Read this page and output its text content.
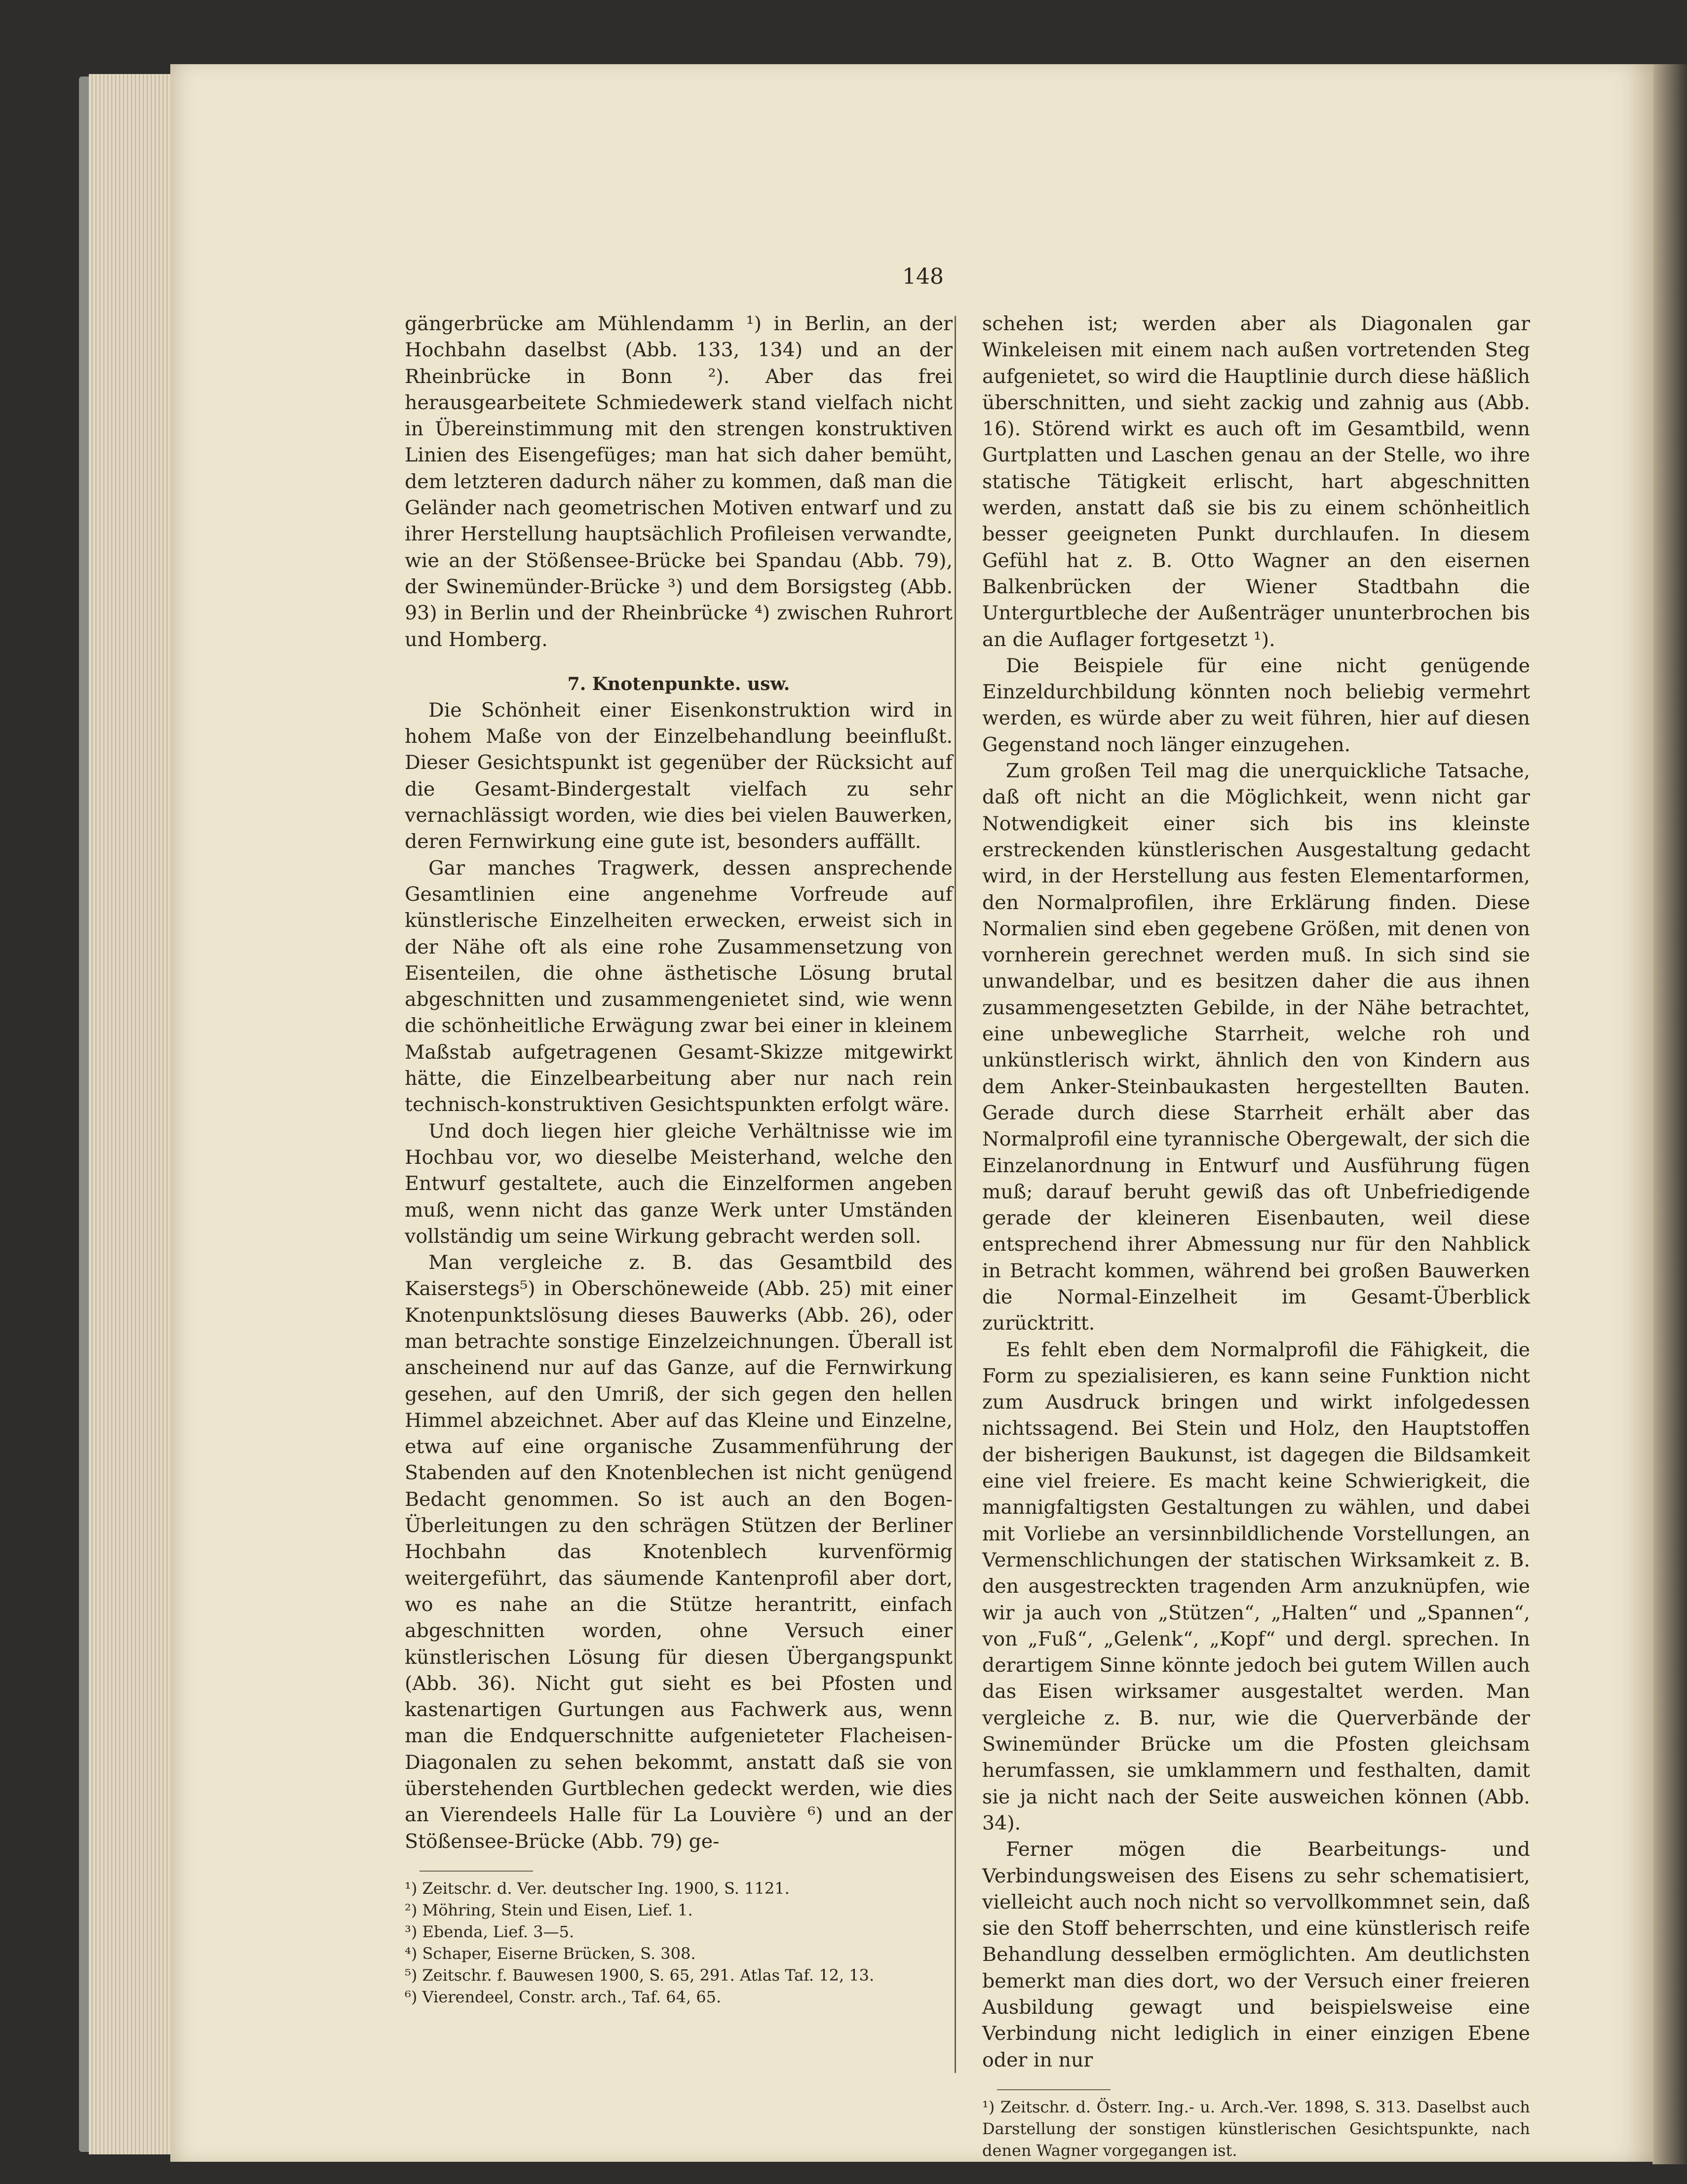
148

gängerbrücke am Mühlendamm ¹) in Berlin, an der Hochbahn daselbst (Abb. 133, 134) und an der Rheinbrücke in Bonn ²). Aber das frei herausgearbeitete Schmiedewerk stand vielfach nicht in Übereinstimmung mit den strengen konstruktiven Linien des Eisengefüges; man hat sich daher bemüht, dem letzteren dadurch näher zu kommen, daß man die Geländer nach geometrischen Motiven entwarf und zu ihrer Herstellung hauptsächlich Profileisen verwandte, wie an der Stößensee-Brücke bei Spandau (Abb. 79), der Swinemünder-Brücke ³) und dem Borsigsteg (Abb. 93) in Berlin und der Rheinbrücke ⁴) zwischen Ruhrort und Homberg.

7. Knotenpunkte. usw.

Die Schönheit einer Eisenkonstruktion wird in hohem Maße von der Einzelbehandlung beeinflußt. Dieser Gesichtspunkt ist gegenüber der Rücksicht auf die Gesamt-Bindergestalt vielfach zu sehr vernachlässigt worden, wie dies bei vielen Bauwerken, deren Fernwirkung eine gute ist, besonders auffällt.

Gar manches Tragwerk, dessen ansprechende Gesamtlinien eine angenehme Vorfreude auf künstlerische Einzelheiten erwecken, erweist sich in der Nähe oft als eine rohe Zusammensetzung von Eisenteilen, die ohne ästhetische Lösung brutal abgeschnitten und zusammengenietet sind, wie wenn die schönheitliche Erwägung zwar bei einer in kleinem Maßstab aufgetragenen Gesamt-Skizze mitgewirkt hätte, die Einzelbearbeitung aber nur nach rein technisch-konstruktiven Gesichtspunkten erfolgt wäre.

Und doch liegen hier gleiche Verhältnisse wie im Hochbau vor, wo dieselbe Meisterhand, welche den Entwurf gestaltete, auch die Einzelformen angeben muß, wenn nicht das ganze Werk unter Umständen vollständig um seine Wirkung gebracht werden soll.

Man vergleiche z. B. das Gesamtbild des Kaiserstegs⁵) in Oberschöneweide (Abb. 25) mit einer Knotenpunktslösung dieses Bauwerks (Abb. 26), oder man betrachte sonstige Einzelzeichnungen. Überall ist anscheinend nur auf das Ganze, auf die Fernwirkung gesehen, auf den Umriß, der sich gegen den hellen Himmel abzeichnet. Aber auf das Kleine und Einzelne, etwa auf eine organische Zusammenführung der Stabenden auf den Knotenblechen ist nicht genügend Bedacht genommen. So ist auch an den Bogen-Überleitungen zu den schrägen Stützen der Berliner Hochbahn das Knotenblech kurvenförmig weitergeführt, das säumende Kantenprofil aber dort, wo es nahe an die Stütze herantritt, einfach abgeschnitten worden, ohne Versuch einer künstlerischen Lösung für diesen Übergangspunkt (Abb. 36). Nicht gut sieht es bei Pfosten und kastenartigen Gurtungen aus Fachwerk aus, wenn man die Endquerschnitte aufgenieteter Flacheisen-Diagonalen zu sehen bekommt, anstatt daß sie von überstehenden Gurtblechen gedeckt werden, wie dies an Vierendeels Halle für La Louvière ⁶) und an der Stößensee-Brücke (Abb. 79) ge-

¹) Zeitschr. d. Ver. deutscher Ing. 1900, S. 1121.
²) Möhring, Stein und Eisen, Lief. 1.
³) Ebenda, Lief. 3—5.
⁴) Schaper, Eiserne Brücken, S. 308.
⁵) Zeitschr. f. Bauwesen 1900, S. 65, 291. Atlas Taf. 12, 13.
⁶) Vierendeel, Constr. arch., Taf. 64, 65.

schehen ist; werden aber als Diagonalen gar Winkeleisen mit einem nach außen vortretenden Steg aufgenietet, so wird die Hauptlinie durch diese häßlich überschnitten, und sieht zackig und zahnig aus (Abb. 16). Störend wirkt es auch oft im Gesamtbild, wenn Gurtplatten und Laschen genau an der Stelle, wo ihre statische Tätigkeit erlischt, hart abgeschnitten werden, anstatt daß sie bis zu einem schönheitlich besser geeigneten Punkt durchlaufen. In diesem Gefühl hat z. B. Otto Wagner an den eisernen Balkenbrücken der Wiener Stadtbahn die Untergurtbleche der Außenträger ununterbrochen bis an die Auflager fortgesetzt ¹).

Die Beispiele für eine nicht genügende Einzeldurchbildung könnten noch beliebig vermehrt werden, es würde aber zu weit führen, hier auf diesen Gegenstand noch länger einzugehen.

Zum großen Teil mag die unerquickliche Tatsache, daß oft nicht an die Möglichkeit, wenn nicht gar Notwendigkeit einer sich bis ins kleinste erstreckenden künstlerischen Ausgestaltung gedacht wird, in der Herstellung aus festen Elementarformen, den Normalprofilen, ihre Erklärung finden. Diese Normalien sind eben gegebene Größen, mit denen von vornherein gerechnet werden muß. In sich sind sie unwandelbar, und es besitzen daher die aus ihnen zusammengesetzten Gebilde, in der Nähe betrachtet, eine unbewegliche Starrheit, welche roh und unkünstlerisch wirkt, ähnlich den von Kindern aus dem Anker-Steinbaukasten hergestellten Bauten. Gerade durch diese Starrheit erhält aber das Normalprofil eine tyrannische Obergewalt, der sich die Einzelanordnung in Entwurf und Ausführung fügen muß; darauf beruht gewiß das oft Unbefriedigende gerade der kleineren Eisenbauten, weil diese entsprechend ihrer Abmessung nur für den Nahblick in Betracht kommen, während bei großen Bauwerken die Normal-Einzelheit im Gesamt-Überblick zurücktritt.

Es fehlt eben dem Normalprofil die Fähigkeit, die Form zu spezialisieren, es kann seine Funktion nicht zum Ausdruck bringen und wirkt infolgedessen nichtssagend. Bei Stein und Holz, den Hauptstoffen der bisherigen Baukunst, ist dagegen die Bildsamkeit eine viel freiere. Es macht keine Schwierigkeit, die mannigfaltigsten Gestaltungen zu wählen, und dabei mit Vorliebe an versinnbildlichende Vorstellungen, an Vermenschlichungen der statischen Wirksamkeit z. B. den ausgestreckten tragenden Arm anzuknüpfen, wie wir ja auch von „Stützen“, „Halten“ und „Spannen“, von „Fuß“, „Gelenk“, „Kopf“ und dergl. sprechen. In derartigem Sinne könnte jedoch bei gutem Willen auch das Eisen wirksamer ausgestaltet werden. Man vergleiche z. B. nur, wie die Querverbände der Swinemünder Brücke um die Pfosten gleichsam herumfassen, sie umklammern und festhalten, damit sie ja nicht nach der Seite ausweichen können (Abb. 34).

Ferner mögen die Bearbeitungs- und Verbindungsweisen des Eisens zu sehr schematisiert, vielleicht auch noch nicht so vervollkommnet sein, daß sie den Stoff beherrschten, und eine künstlerisch reife Behandlung desselben ermöglichten. Am deutlichsten bemerkt man dies dort, wo der Versuch einer freieren Ausbildung gewagt und beispielsweise eine Verbindung nicht lediglich in einer einzigen Ebene oder in nur

¹) Zeitschr. d. Österr. Ing.- u. Arch.-Ver. 1898, S. 313. Daselbst auch Darstellung der sonstigen künstlerischen Gesichtspunkte, nach denen Wagner vorgegangen ist.
